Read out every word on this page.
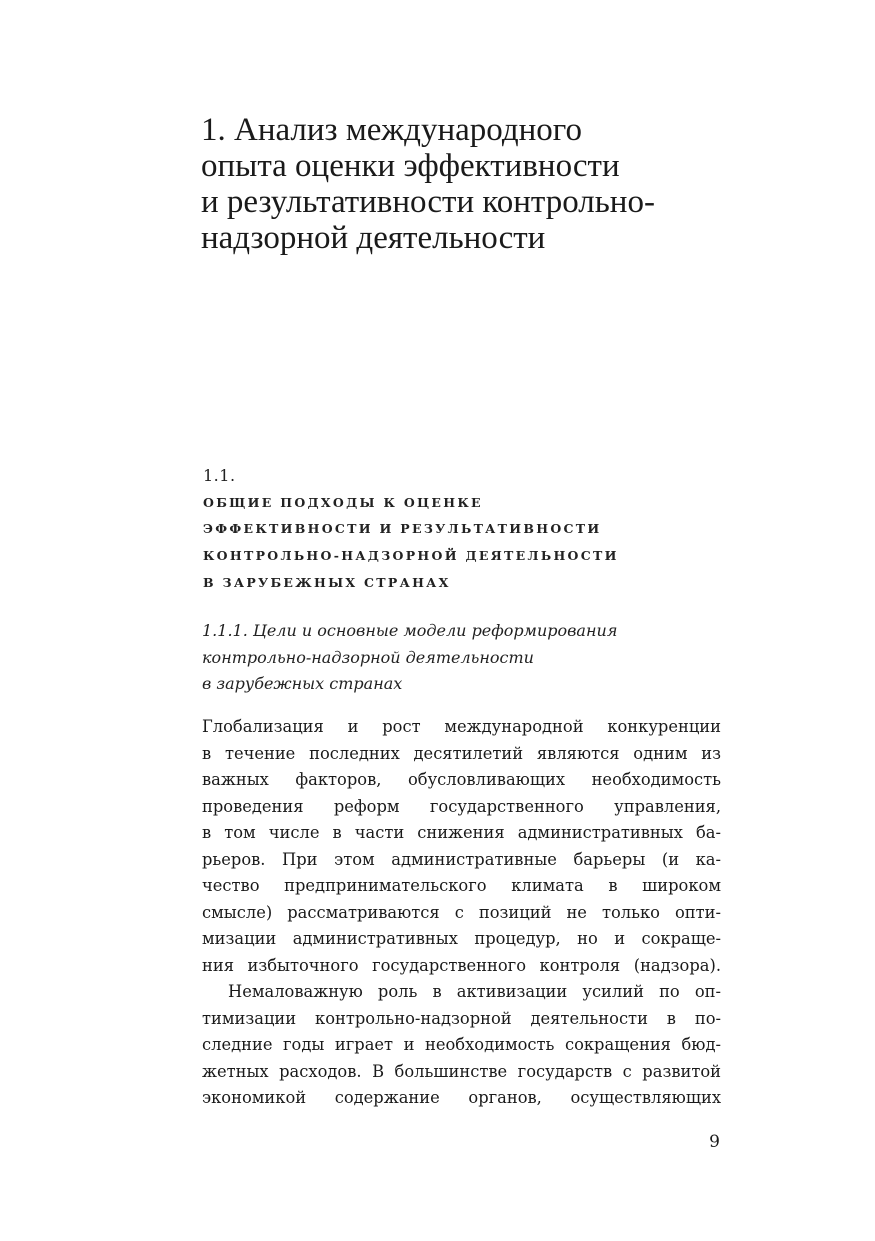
1. Анализ международного
опыта оценки эффективности
и результативности контрольно-
надзорной деятельности
1.1.
ОБЩИЕ ПОДХОДЫ К ОЦЕНКЕ
ЭФФЕКТИВНОСТИ И РЕЗУЛЬТАТИВНОСТИ
КОНТРОЛЬНО-НАДЗОРНОЙ ДЕЯТЕЛЬНОСТИ
В ЗАРУБЕЖНЫХ СТРАНАХ
1.1.1. Цели и основные модели реформирования
контрольно-надзорной деятельности
в зарубежных странах
Глобализация и рост международной конкуренции
в течение последних десятилетий являются одним из
важных факторов, обусловливающих необходимость
проведения реформ государственного управления,
в том числе в части снижения административных ба-
рьеров. При этом административные барьеры (и ка-
чество предпринимательского климата в широком
смысле) рассматриваются с позиций не только опти-
мизации административных процедур, но и сокраще-
ния избыточного государственного контроля (надзора).
Немаловажную роль в активизации усилий по оп-
тимизации контрольно-надзорной деятельности в по-
следние годы играет и необходимость сокращения бюд-
жетных расходов. В большинстве государств с развитой
экономикой содержание органов, осуществляющих
9
